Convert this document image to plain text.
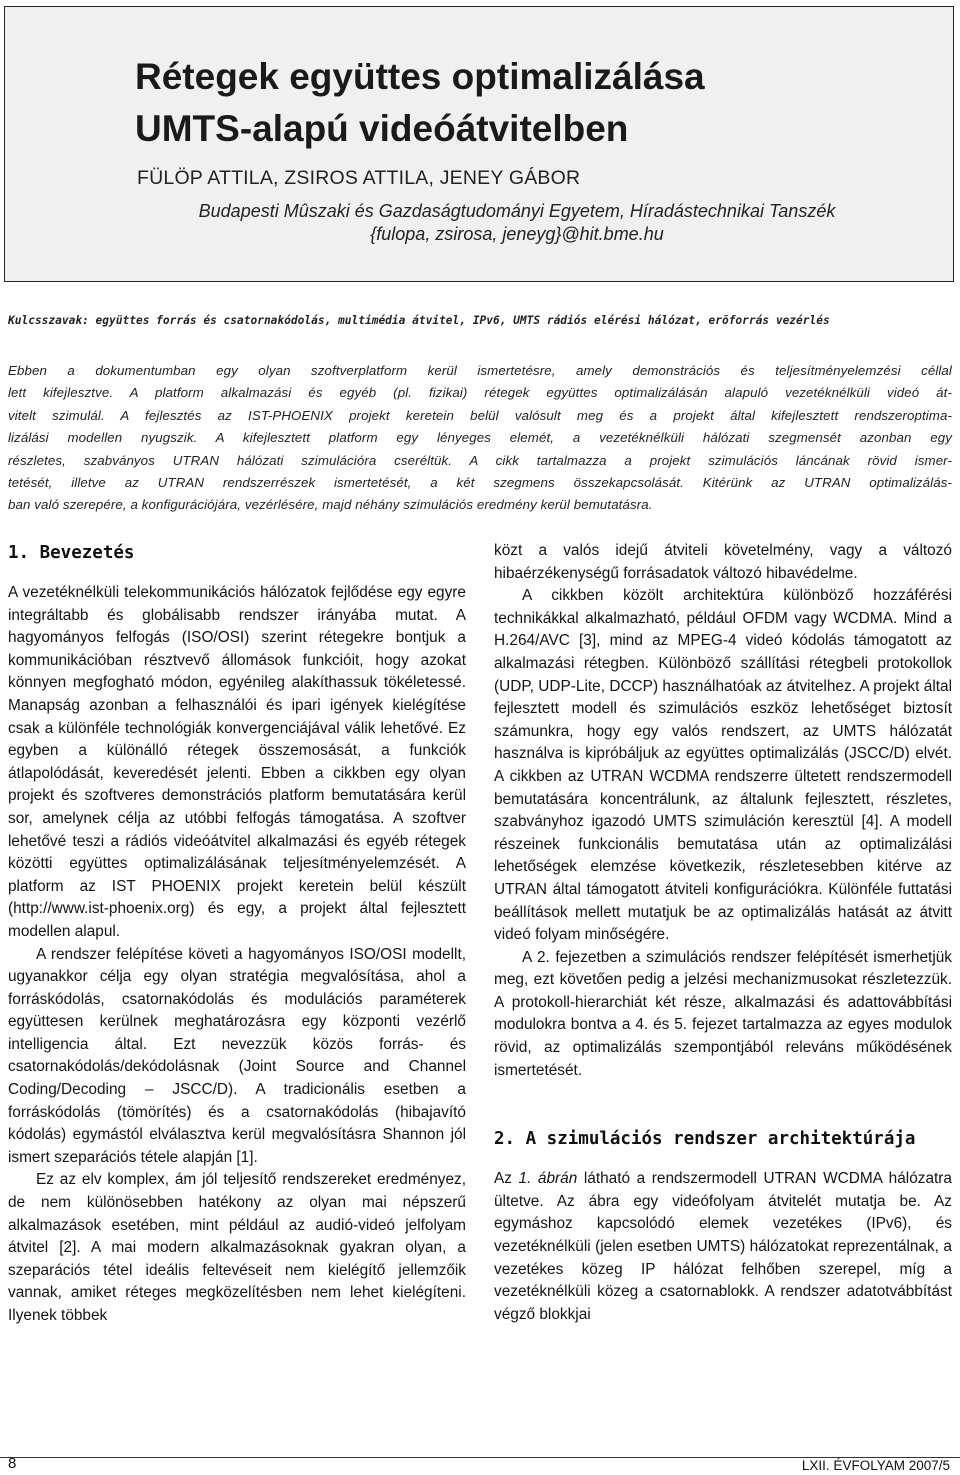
Rétegek együttes optimalizálása
UMTS-alapú videóátvitelben
FÜLÖP ATTILA, ZSIROS ATTILA, JENEY GÁBOR
Budapesti Mûszaki és Gazdaságtudományi Egyetem, Híradástechnikai Tanszék
{fulopa, zsirosa, jeneyg}@hit.bme.hu
Kulcsszavak: együttes forrás és csatornakódolás, multimédia átvitel, IPv6, UMTS rádiós elérési hálózat, erõforrás vezérlés
Ebben a dokumentumban egy olyan szoftverplatform kerül ismertetésre, amely demonstrációs és teljesítményelemzési céllal
lett kifejlesztve. A platform alkalmazási és egyéb (pl. fizikai) rétegek együttes optimalizálásán alapuló vezetéknélküli videó át-
vitelt szimulál. A fejlesztés az IST-PHOENIX projekt keretein belül valósult meg és a projekt által kifejlesztett rendszeroptima-
lizálási modellen nyugszik. A kifejlesztett platform egy lényeges elemét, a vezetéknélküli hálózati szegmensét azonban egy
részletes, szabványos UTRAN hálózati szimulációra cseréltük. A cikk tartalmazza a projekt szimulációs láncának rövid ismer-
tetését, illetve az UTRAN rendszerrészek ismertetését, a két szegmens összekapcsolását. Kitérünk az UTRAN optimalizálás-
ban való szerepére, a konfigurációjára, vezérlésére, majd néhány szimulációs eredmény kerül bemutatásra.
1. Bevezetés

A vezetéknélküli telekommunikációs hálózatok fejlődése egy egyre integráltabb és globálisabb rendszer irányába mutat. A hagyományos felfogás (ISO/OSI) szerint rétegekre bontjuk a kommunikációban résztvevő állomások funkcióit, hogy azokat könnyen megfogható módon, egyénileg alakíthassuk tökéletessé. Manapság azonban a felhasználói és ipari igények kielégítése csak a különféle technológiák konvergenciájával válik lehetővé. Ez egyben a különálló rétegek összemosását, a funkciók átlapolódását, keveredését jelenti. Ebben a cikkben egy olyan projekt és szoftveres demonstrációs platform bemutatására kerül sor, amelynek célja az utóbbi felfogás támogatása. A szoftver lehetővé teszi a rádiós videóátvitel alkalmazási és egyéb rétegek közötti együttes optimalizálásának teljesítményelemzését. A platform az IST PHOENIX projekt keretein belül készült (http://www.ist-phoenix.org) és egy, a projekt által fejlesztett modellen alapul.

A rendszer felépítése követi a hagyományos ISO/OSI modellt, ugyanakkor célja egy olyan stratégia megvalósítása, ahol a forráskódolás, csatornakódolás és modulációs paraméterek együttesen kerülnek meghatározásra egy központi vezérlő intelligencia által. Ezt nevezzük közös forrás- és csatornakódolás/dekódolásnak (Joint Source and Channel Coding/Decoding – JSCC/D). A tradicionális esetben a forráskódolás (tömörítés) és a csatornakódolás (hibajavító kódolás) egymástól elválasztva kerül megvalósításra Shannon jól ismert szeparációs tétele alapján [1].

Ez az elv komplex, ám jól teljesítő rendszereket eredményez, de nem különösebben hatékony az olyan mai népszerű alkalmazások esetében, mint például az audió-videó jelfolyam átvitel [2]. A mai modern alkalmazásoknak gyakran olyan, a szeparációs tétel ideális feltevéseit nem kielégítő jellemzőik vannak, amiket réteges megközelítésben nem lehet kielégíteni. Ilyenek többek

közt a valós idejű átviteli követelmény, vagy a változó hibaérzékenységű forrásadatok változó hibavédelme.

A cikkben közölt architektúra különböző hozzáférési technikákkal alkalmazható, például OFDM vagy WCDMA. Mind a H.264/AVC [3], mind az MPEG-4 videó kódolás támogatott az alkalmazási rétegben. Különböző szállítási rétegbeli protokollok (UDP, UDP-Lite, DCCP) használhatóak az átvitelhez. A projekt által fejlesztett modell és szimulációs eszköz lehetőséget biztosít számunkra, hogy egy valós rendszert, az UMTS hálózatát használva is kipróbáljuk az együttes optimalizálás (JSCC/D) elvét. A cikkben az UTRAN WCDMA rendszerre ültetett rendszermodell bemutatására koncentrálunk, az általunk fejlesztett, részletes, szabványhoz igazodó UMTS szimuláción keresztül [4]. A modell részeinek funkcionális bemutatása után az optimalizálási lehetőségek elemzése következik, részletesebben kitérve az UTRAN által támogatott átviteli konfigurációkra. Különféle futtatási beállítások mellett mutatjuk be az optimalizálás hatását az átvitt videó folyam minőségére.

A 2. fejezetben a szimulációs rendszer felépítését ismerhetjük meg, ezt követően pedig a jelzési mechanizmusokat részletezzük. A protokoll-hierarchiát két része, alkalmazási és adattovábbítási modulokra bontva a 4. és 5. fejezet tartalmazza az egyes modulok rövid, az optimalizálás szempontjából releváns működésének ismertetését.

2. A szimulációs rendszer architektúrája

Az 1. ábrán látható a rendszermodell UTRAN WCDMA hálózatra ültetve. Az ábra egy videófolyam átvitelét mutatja be. Az egymáshoz kapcsolódó elemek vezetékes (IPv6), és vezetéknélküli (jelen esetben UMTS) hálózatokat reprezentálnak, a vezetékes közeg IP hálózat felhőben szerepel, míg a vezetéknélküli közeg a csatornablokk. A rendszer adatotvábbítást végző blokkjai

8	LXII. ÉVFOLYAM 2007/5
